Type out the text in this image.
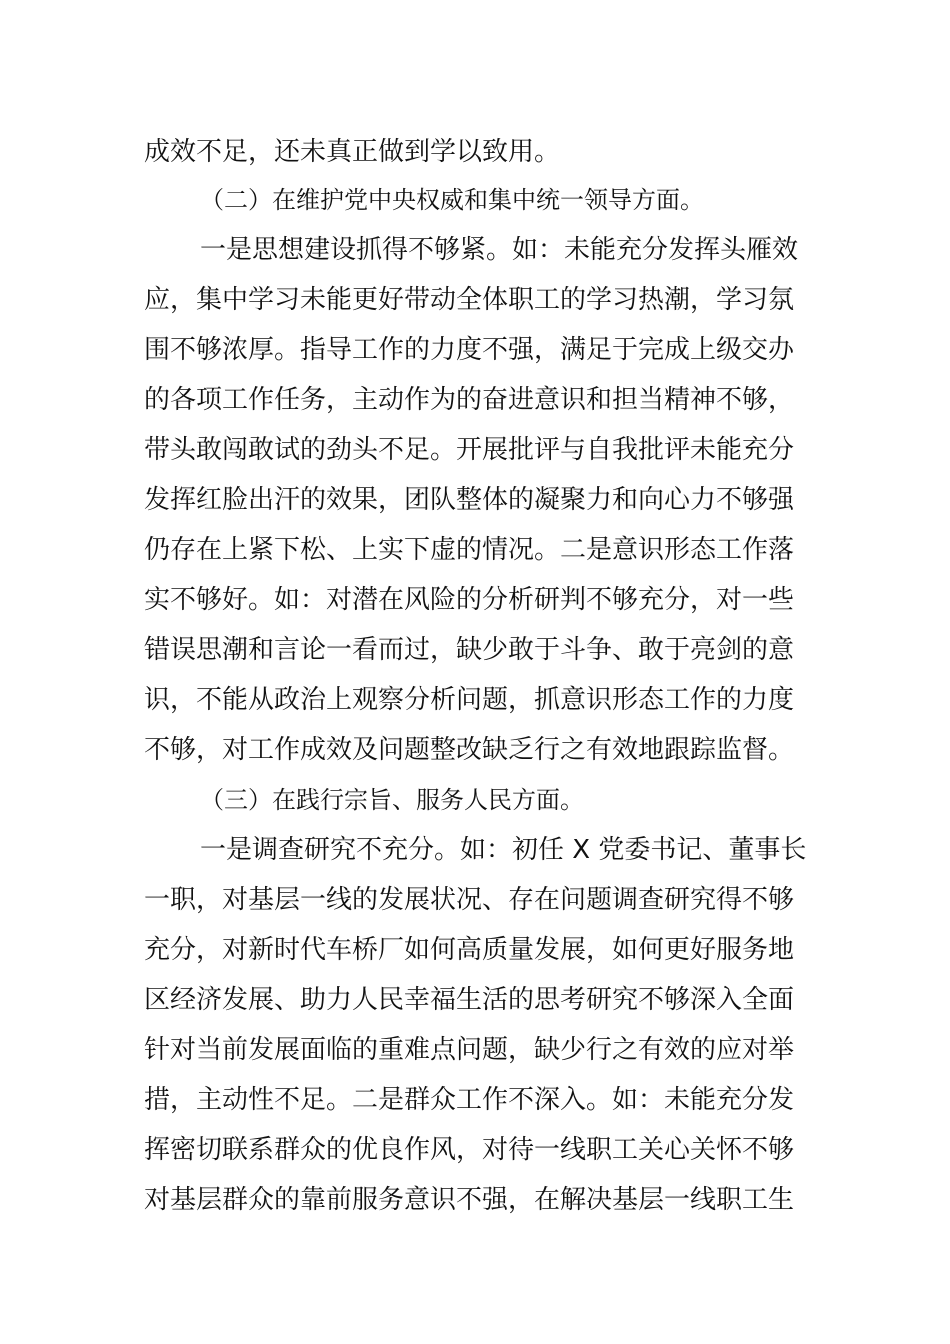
成效不足，还未真正做到学以致用。
（二）在维护党中央权威和集中统一领导方面。
一是思想建设抓得不够紧。如：未能充分发挥头雁效
应，集中学习未能更好带动全体职工的学习热潮，学习氛
围不够浓厚。指导工作的力度不强，满足于完成上级交办
的各项工作任务，主动作为的奋进意识和担当精神不够，
带头敢闯敢试的劲头不足。开展批评与自我批评未能充分
发挥红脸出汗的效果，团队整体的凝聚力和向心力不够强
仍存在上紧下松、上实下虚的情况。二是意识形态工作落
实不够好。如：对潜在风险的分析研判不够充分，对一些
错误思潮和言论一看而过，缺少敢于斗争、敢于亮剑的意
识，不能从政治上观察分析问题，抓意识形态工作的力度
不够，对工作成效及问题整改缺乏行之有效地跟踪监督。
（三）在践行宗旨、服务人民方面。
一是调查研究不充分。如：初任 X 党委书记、董事长
一职，对基层一线的发展状况、存在问题调查研究得不够
充分，对新时代车桥厂如何高质量发展，如何更好服务地
区经济发展、助力人民幸福生活的思考研究不够深入全面
针对当前发展面临的重难点问题，缺少行之有效的应对举
措，主动性不足。二是群众工作不深入。如：未能充分发
挥密切联系群众的优良作风，对待一线职工关心关怀不够
对基层群众的靠前服务意识不强，在解决基层一线职工生
